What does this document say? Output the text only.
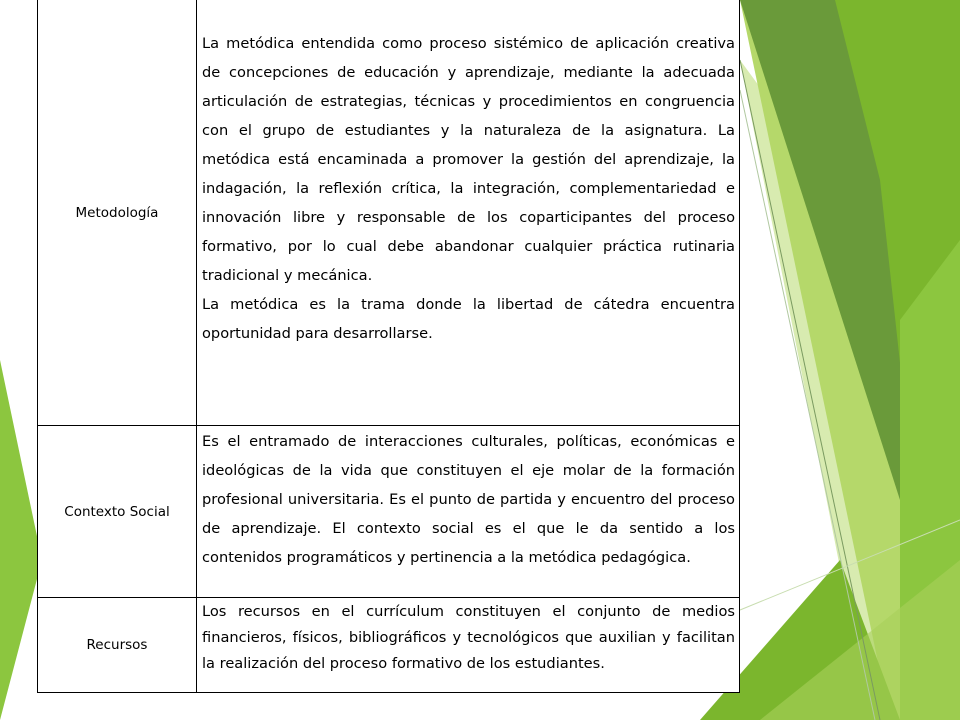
Metodología	La metódica entendida como proceso sistémico de aplicación creativa de concepciones de educación y aprendizaje, mediante la adecuada articulación de estrategias, técnicas y procedimientos en congruencia con el grupo de estudiantes y la naturaleza de la asignatura. La metódica está encaminada a promover la gestión del aprendizaje, la indagación, la reflexión crítica, la integración, complementariedad e innovación libre y responsable de los coparticipantes del proceso formativo, por lo cual debe abandonar cualquier práctica rutinaria tradicional y mecánica.

La metódica es la trama donde la libertad de cátedra encuentra oportunidad para desarrollarse.

Contexto Social	Es el entramado de interacciones culturales, políticas, económicas e ideológicas de la vida que constituyen el eje molar de la formación profesional universitaria. Es el punto de partida y encuentro del proceso de aprendizaje. El contexto social es el que le da sentido a los contenidos programáticos y pertinencia a la metódica pedagógica.

Recursos	Los recursos en el currículum constituyen el conjunto de medios financieros, físicos, bibliográficos y tecnológicos que auxilian y facilitan la realización del proceso formativo de los estudiantes.
